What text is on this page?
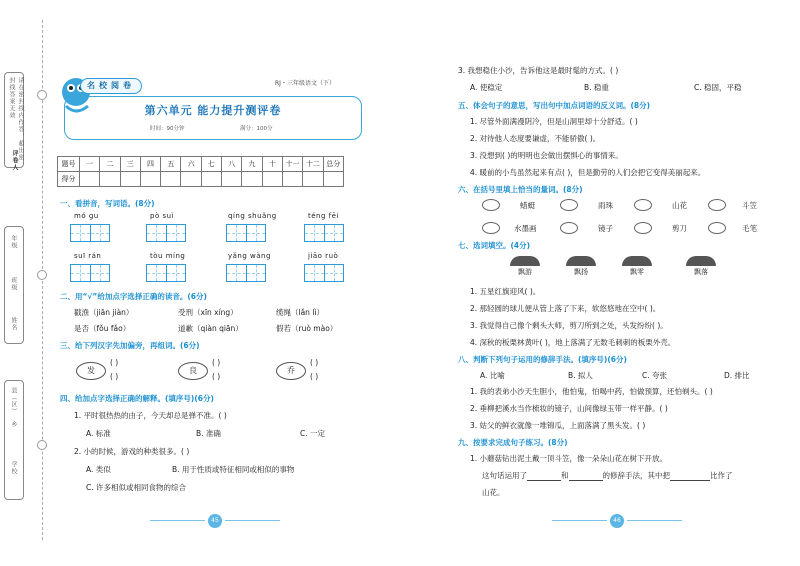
请在密封线内作答，超出密封线答案无效
评卷人
年级
班级
姓名
县（区）
乡
学校
名校阅卷	RJ・三年级语文（下）
第六单元 能力提升测评卷
时间：90分钟	满分：100分
题号	一	二	三	四	五	六	七	八	九	十	十一	十二	总分
得分													
一、看拼音，写词语。(8分)
mó gu	pò suì	qíng shuǎng	téng fēi
suī rán	tòu míng	yǎng wàng	jiāo ruò
二、用“√”给加点字选择正确的读音。(6分)
戳渔（jiān jiàn）	受刑（xīn xíng）	缆绳（lǎn lì）
是否（fǒu fǎo）	道歉（qiàn qiān）	假若（ruò mào）
三、给下列汉字先加偏旁，再组词。(6分)
发
( )
( )
良
( )
( )
乔
( )
( )
四、给加点字选择正确的解释。(填序号)(6分)
1. 平时很热热的由子，今天却总是弹不准。( )
A. 标准	B. 准确	C. 一定
2. 小的时候，游戏的种类很多。( )
A. 类似	B. 用于性质或特征相同或相似的事物
C. 许多相似或相同食物的综合
45
3. 我想稳住小沙，告诉他这是最时髦的方式。( )
A. 使稳定	B. 稳重	C. 稳固，平稳
五、体会句子的意思，写出句中加点词语的反义词。(8分)
1. 尽管外面满漫阴冷，但是山洞里却十分舒适。( )
2. 对待他人态度要谦虚，不能骄傲( )。
3. 没想到( )的明明也会做出摆惧心的事情来。
4. 暖前的小鸟虽然起来有点( )，但是勤劳的人们会把它变得美丽起来。
六、在括号里填上恰当的量词。(8分)
蜡蜓	雨珠	山花	斗笠
水墨画	镜子	剪刀	毛笔
七、选词填空。(4分)
飘游	飘扬	飘零	飘落
1. 五星红旗迎风( )。
2. 那轻圆的球儿便从管上落了下来，软悠悠地在空中( )。
3. 我觉得自己像个剩头大师，剪刀所到之处，头发纷纷( )。
4. 深秋的板栗林黄叶( )，地上落满了无数毛刺刺的板栗外壳。
八、判断下列句子运用的修辞手法。(填序号)(6分)
A. 比喻	B. 拟人	C. 夸张	D. 排比
1. 我的表弟小沙天生胆小，他怕鬼，怕喝中药，怕做预算，还怕剃头。( )
2. 垂柳把溪水当作梳妆的镜子，山间像绿玉带一样平静。( )
3. 姑父的鲜衣就像一堆锦瓜，上面落满了黑头发。( )
九、按要求完成句子练习。(8分)
1. 小蘑菇钻出泥土戴一顶斗笠，像一朵朵山花在树下开放。
这句话运用了	和	的修辞手法，其中把	比作了
山花。
46
